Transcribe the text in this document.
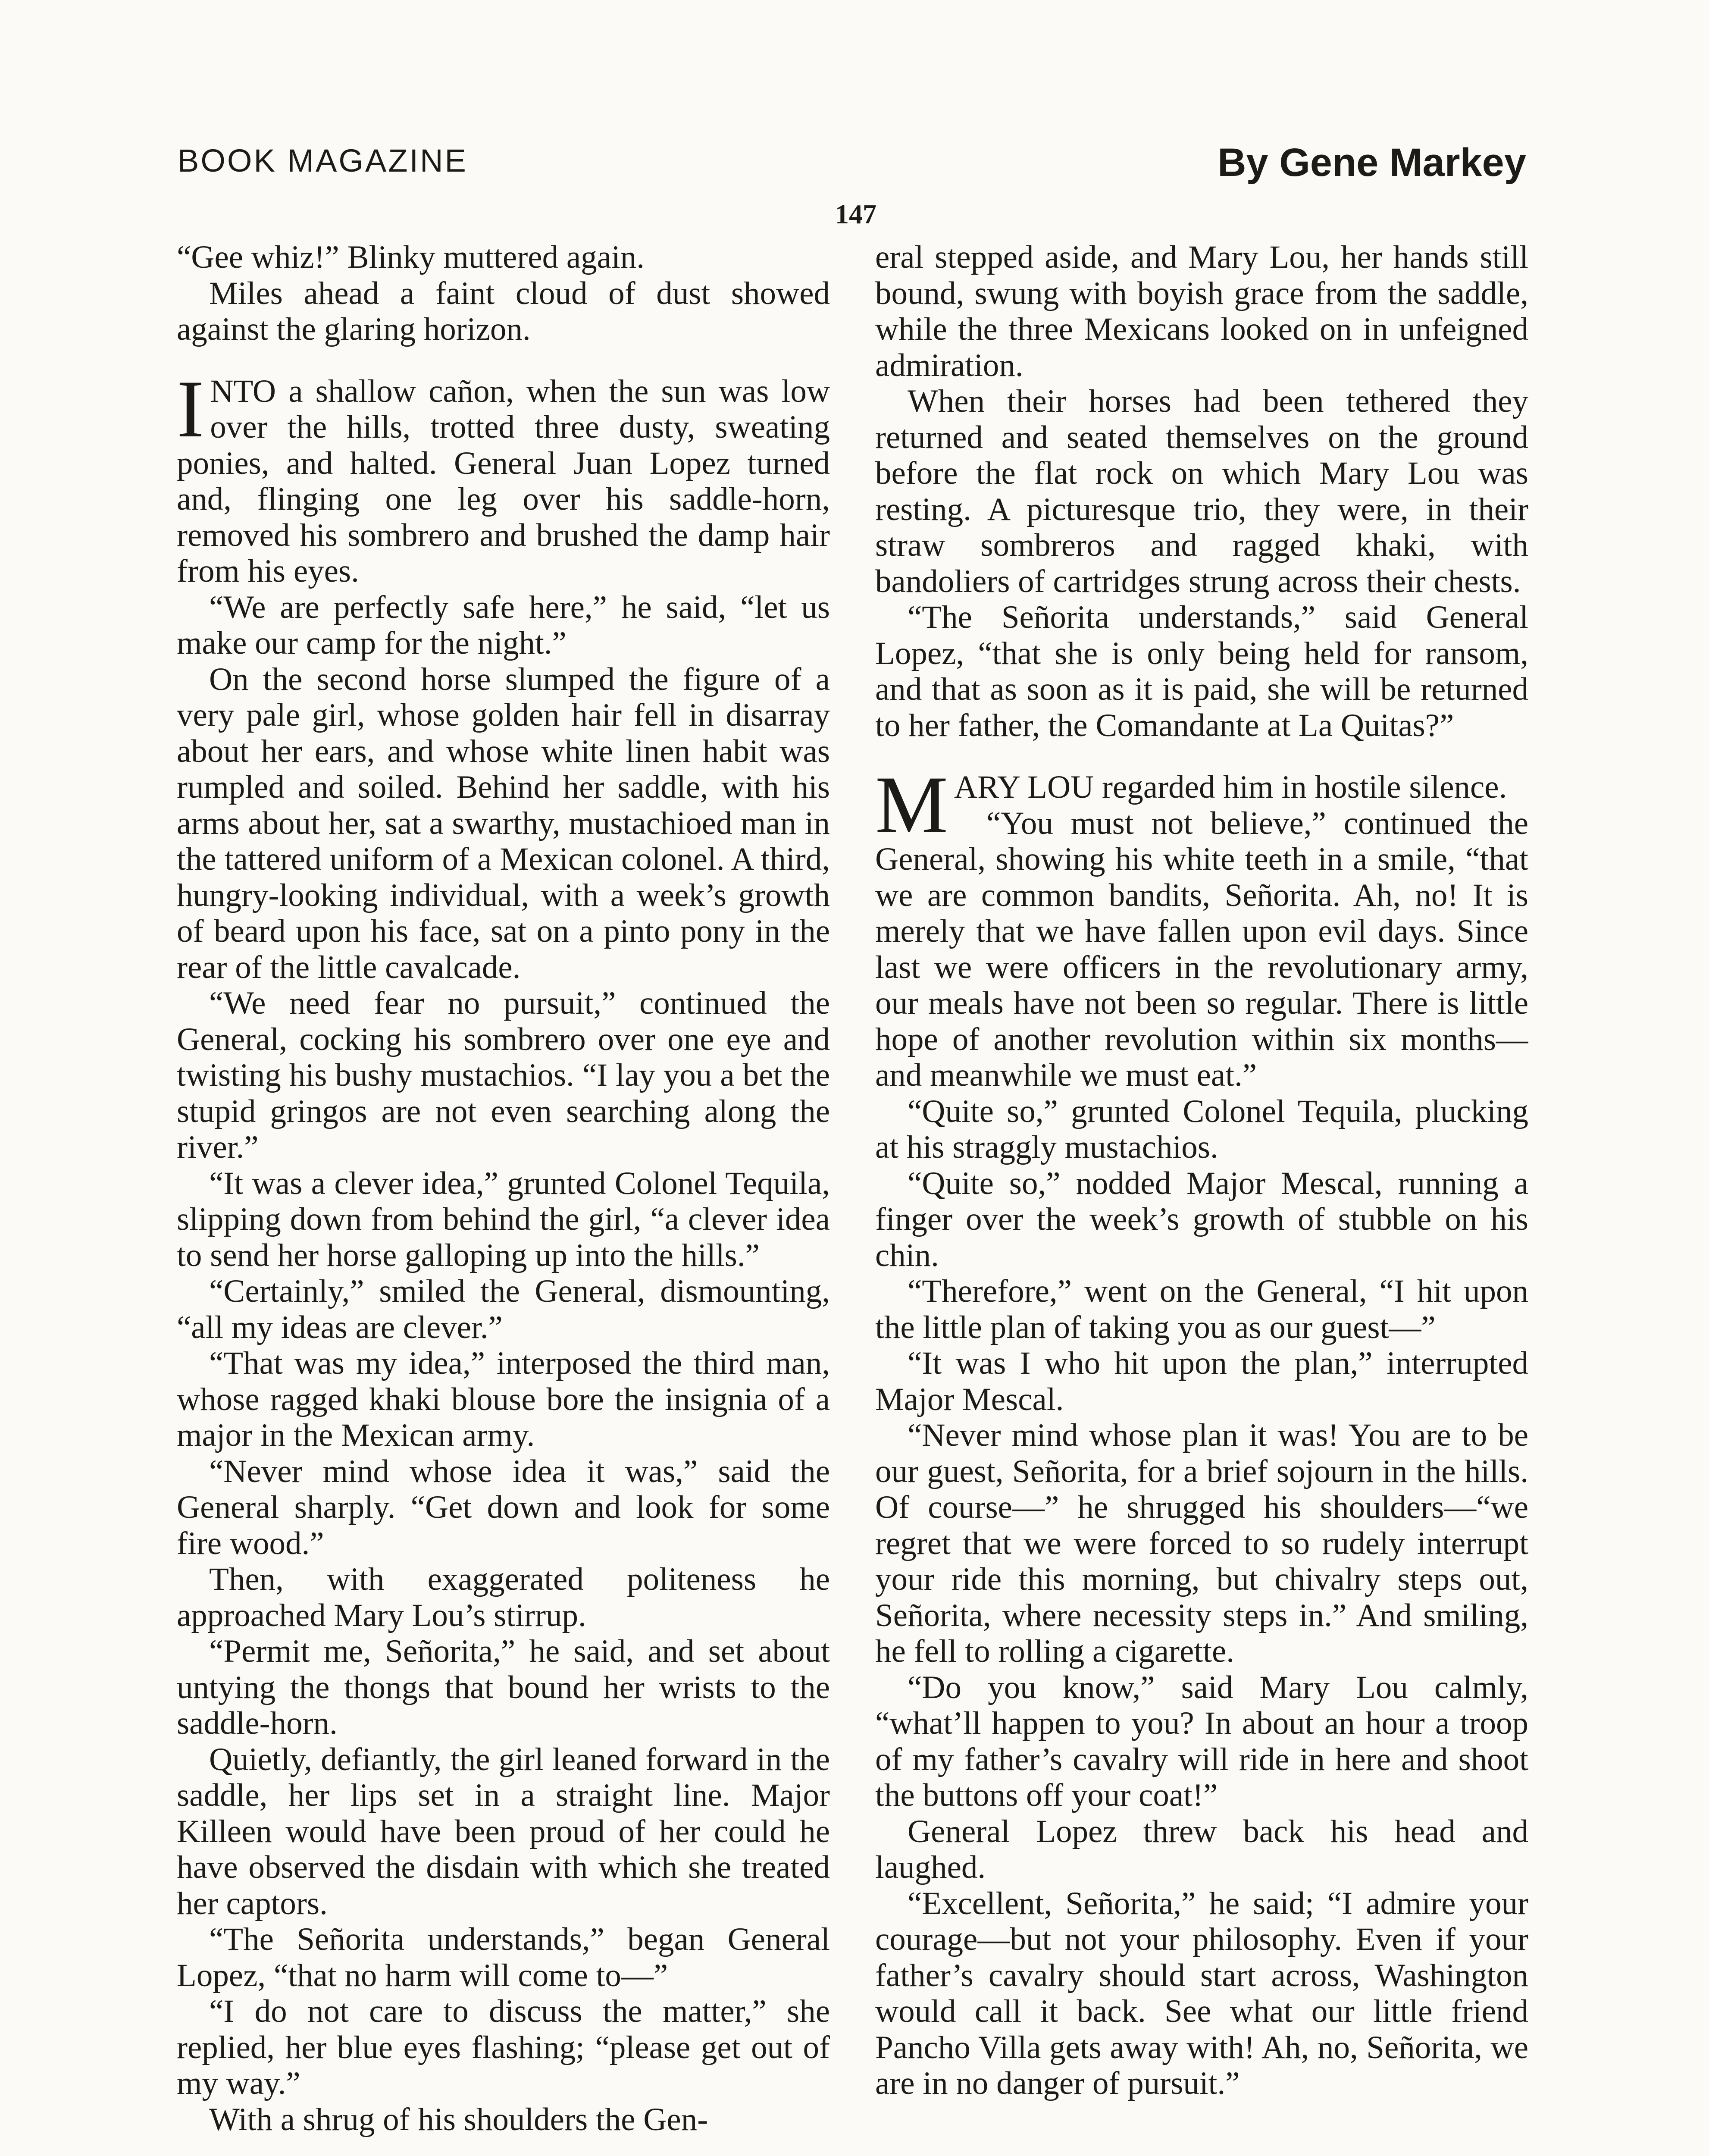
BOOK MAGAZINE	By Gene Markey
147

“Gee whiz!” Blinky muttered again.

Miles ahead a faint cloud of dust showed against the glaring horizon.

INTO a shallow cañon, when the sun was low over the hills, trotted three dusty, sweating ponies, and halted. General Juan Lopez turned and, flinging one leg over his saddle-horn, removed his sombrero and brushed the damp hair from his eyes.

“We are perfectly safe here,” he said, “let us make our camp for the night.”

On the second horse slumped the figure of a very pale girl, whose golden hair fell in disarray about her ears, and whose white linen habit was rumpled and soiled. Behind her saddle, with his arms about her, sat a swarthy, mustachioed man in the tattered uniform of a Mexican colonel. A third, hungry-looking individual, with a week’s growth of beard upon his face, sat on a pinto pony in the rear of the little cavalcade.

“We need fear no pursuit,” continued the General, cocking his sombrero over one eye and twisting his bushy mustachios. “I lay you a bet the stupid gringos are not even searching along the river.”

“It was a clever idea,” grunted Colonel Tequila, slipping down from behind the girl, “a clever idea to send her horse galloping up into the hills.”

“Certainly,” smiled the General, dismounting, “all my ideas are clever.”

“That was my idea,” interposed the third man, whose ragged khaki blouse bore the insignia of a major in the Mexican army.

“Never mind whose idea it was,” said the General sharply. “Get down and look for some fire wood.”

Then, with exaggerated politeness he approached Mary Lou’s stirrup.

“Permit me, Señorita,” he said, and set about untying the thongs that bound her wrists to the saddle-horn.

Quietly, defiantly, the girl leaned forward in the saddle, her lips set in a straight line. Major Killeen would have been proud of her could he have observed the disdain with which she treated her captors.

“The Señorita understands,” began General Lopez, “that no harm will come to—”

“I do not care to discuss the matter,” she replied, her blue eyes flashing; “please get out of my way.”

With a shrug of his shoulders the Gen-

eral stepped aside, and Mary Lou, her hands still bound, swung with boyish grace from the saddle, while the three Mexicans looked on in unfeigned admiration.

When their horses had been tethered they returned and seated themselves on the ground before the flat rock on which Mary Lou was resting. A picturesque trio, they were, in their straw sombreros and ragged khaki, with bandoliers of cartridges strung across their chests.

“The Señorita understands,” said General Lopez, “that she is only being held for ransom, and that as soon as it is paid, she will be returned to her father, the Comandante at La Quitas?”

MARY LOU regarded him in hostile silence.

“You must not believe,” continued the General, showing his white teeth in a smile, “that we are common bandits, Señorita. Ah, no! It is merely that we have fallen upon evil days. Since last we were officers in the revolutionary army, our meals have not been so regular. There is little hope of another revolution within six months—and meanwhile we must eat.”

“Quite so,” grunted Colonel Tequila, plucking at his straggly mustachios.

“Quite so,” nodded Major Mescal, running a finger over the week’s growth of stubble on his chin.

“Therefore,” went on the General, “I hit upon the little plan of taking you as our guest—”

“It was I who hit upon the plan,” interrupted Major Mescal.

“Never mind whose plan it was! You are to be our guest, Señorita, for a brief sojourn in the hills. Of course—” he shrugged his shoulders—“we regret that we were forced to so rudely interrupt your ride this morning, but chivalry steps out, Señorita, where necessity steps in.” And smiling, he fell to rolling a cigarette.

“Do you know,” said Mary Lou calmly, “what’ll happen to you? In about an hour a troop of my father’s cavalry will ride in here and shoot the buttons off your coat!”

General Lopez threw back his head and laughed.

“Excellent, Señorita,” he said; “I admire your courage—but not your philosophy. Even if your father’s cavalry should start across, Washington would call it back. See what our little friend Pancho Villa gets away with! Ah, no, Señorita, we are in no danger of pursuit.”
